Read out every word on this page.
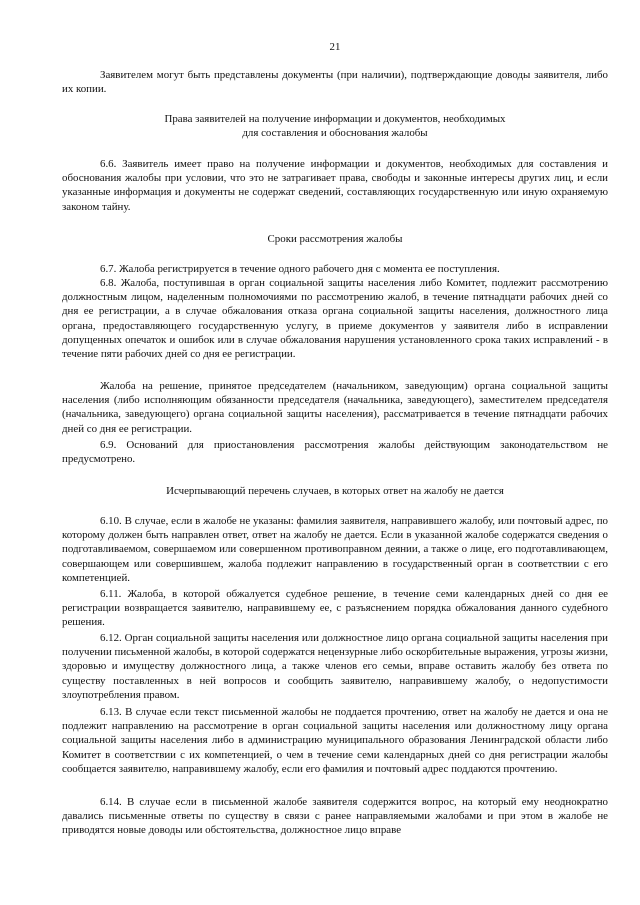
21
Заявителем могут быть представлены документы (при наличии), подтверждающие доводы заявителя, либо их копии.
Права заявителей на получение информации и документов, необходимых
для составления и обоснования жалобы
6.6. Заявитель имеет право на получение информации и документов, необходимых для составления и обоснования жалобы при условии, что это не затрагивает права, свободы и законные интересы других лиц, и если указанные информация и документы не содержат сведений, составляющих государственную или иную охраняемую законом тайну.
Сроки рассмотрения жалобы
6.7. Жалоба регистрируется в течение одного рабочего дня с момента ее поступления.
6.8. Жалоба, поступившая в орган социальной защиты населения либо Комитет, подлежит рассмотрению должностным лицом, наделенным полномочиями по рассмотрению жалоб, в течение пятнадцати рабочих дней со дня ее регистрации, а в случае обжалования отказа органа социальной защиты населения, должностного лица органа, предоставляющего государственную услугу, в приеме документов у заявителя либо в исправлении допущенных опечаток и ошибок или в случае обжалования нарушения установленного срока таких исправлений - в течение пяти рабочих дней со дня ее регистрации.
Жалоба на решение, принятое председателем (начальником, заведующим) органа социальной защиты населения (либо исполняющим обязанности председателя (начальника, заведующего), заместителем председателя (начальника, заведующего) органа социальной защиты населения), рассматривается в течение пятнадцати рабочих дней со дня ее регистрации.
6.9. Оснований для приостановления рассмотрения жалобы действующим законодательством не предусмотрено.
Исчерпывающий перечень случаев, в которых ответ на жалобу не дается
6.10. В случае, если в жалобе не указаны: фамилия заявителя, направившего жалобу, или почтовый адрес, по которому должен быть направлен ответ, ответ на жалобу не дается. Если в указанной жалобе содержатся сведения о подготавливаемом, совершаемом или совершенном противоправном деянии, а также о лице, его подготавливающем, совершающем или совершившем, жалоба подлежит направлению в государственный орган в соответствии с его компетенцией.
6.11. Жалоба, в которой обжалуется судебное решение, в течение семи календарных дней со дня ее регистрации возвращается заявителю, направившему ее, с разъяснением порядка обжалования данного судебного решения.
6.12. Орган социальной защиты населения или должностное лицо органа социальной защиты населения при получении письменной жалобы, в которой содержатся нецензурные либо оскорбительные выражения, угрозы жизни, здоровью и имуществу должностного лица, а также членов его семьи, вправе оставить жалобу без ответа по существу поставленных в ней вопросов и сообщить заявителю, направившему жалобу, о недопустимости злоупотребления правом.
6.13. В случае если текст письменной жалобы не поддается прочтению, ответ на жалобу не дается и она не подлежит направлению на рассмотрение в орган социальной защиты населения или должностному лицу органа социальной защиты населения либо в администрацию муниципального образования Ленинградской области либо Комитет в соответствии с их компетенцией, о чем в течение семи календарных дней со дня регистрации жалобы сообщается заявителю, направившему жалобу, если его фамилия и почтовый адрес поддаются прочтению.
6.14. В случае если в письменной жалобе заявителя содержится вопрос, на который ему неоднократно давались письменные ответы по существу в связи с ранее направляемыми жалобами и при этом в жалобе не приводятся новые доводы или обстоятельства, должностное лицо вправе
